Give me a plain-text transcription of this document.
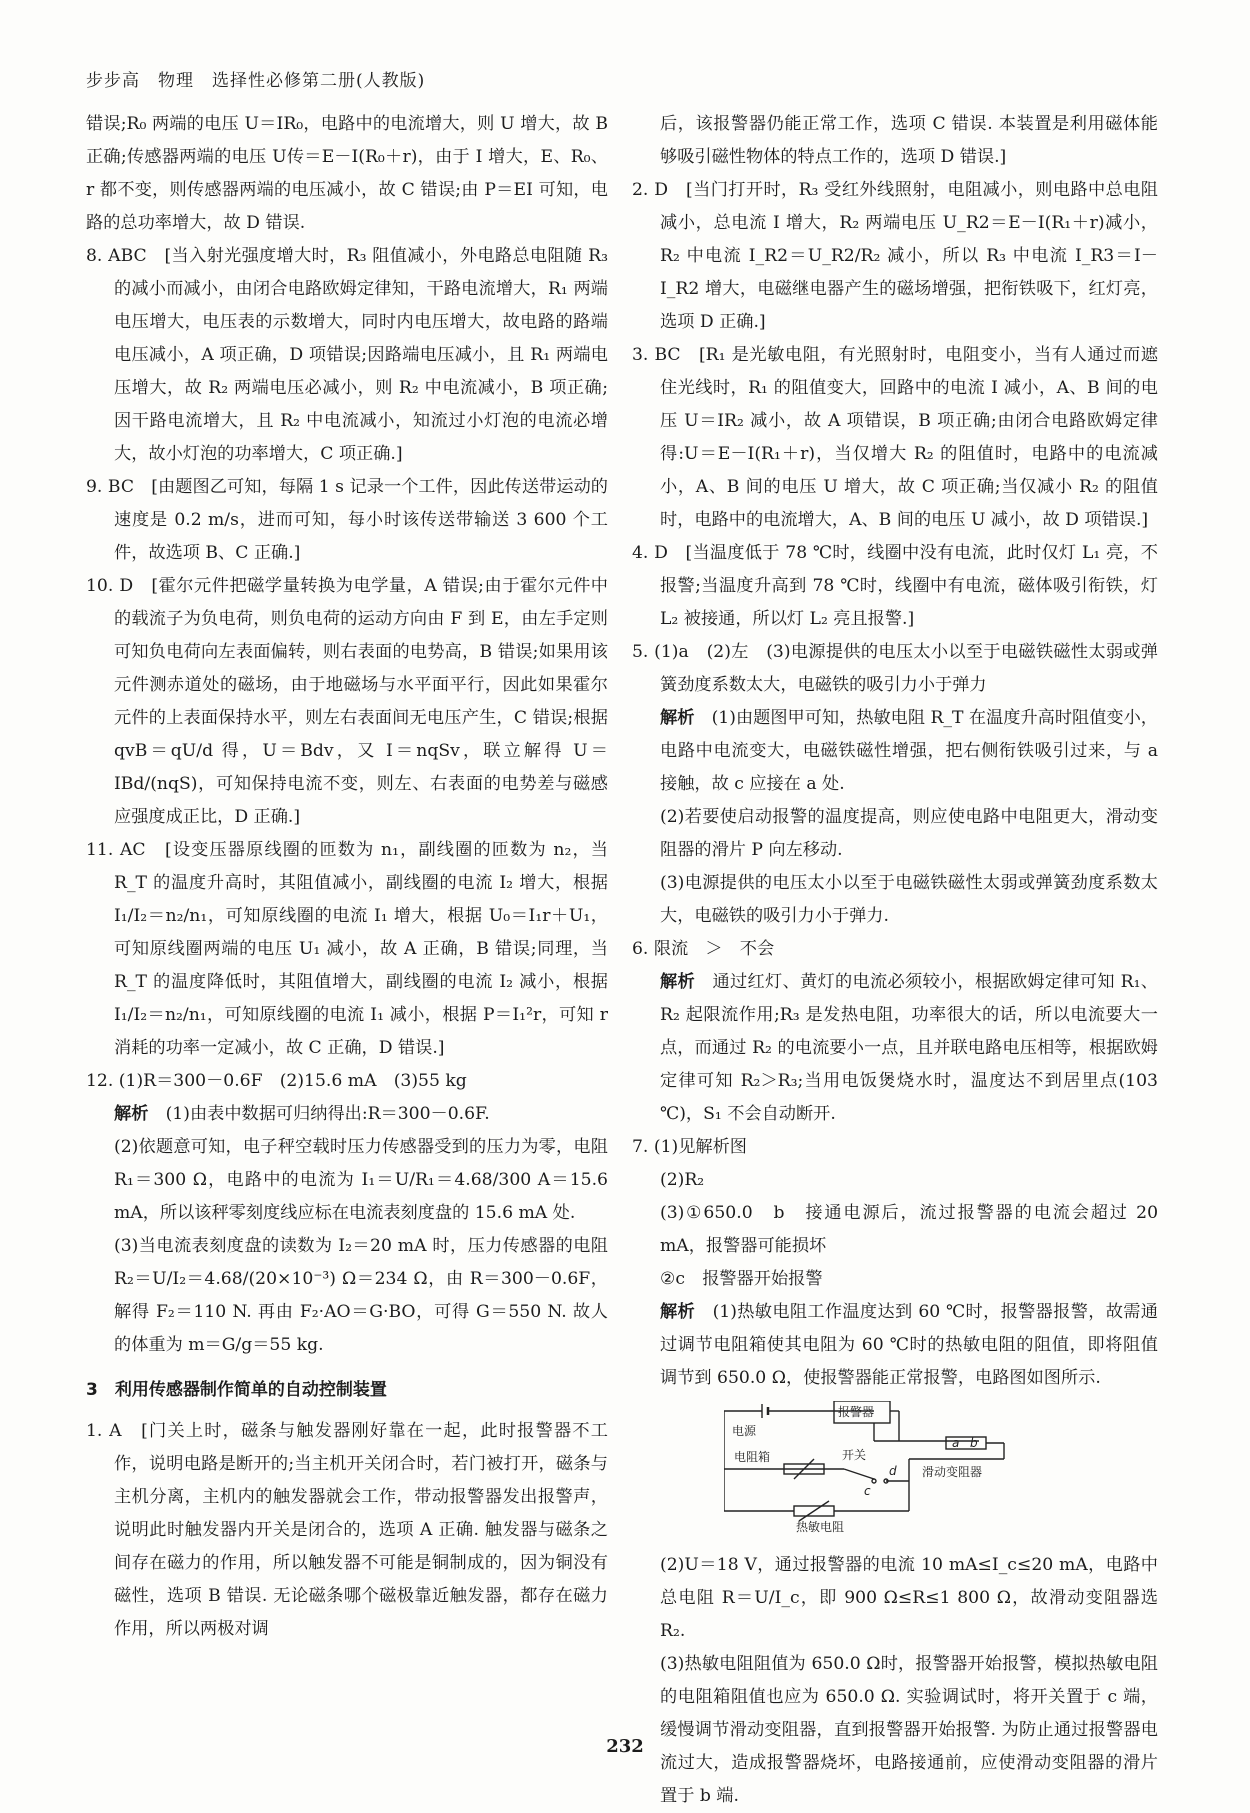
步步高　物理　选择性必修第二册(人教版)

错误;R₀ 两端的电压 U＝IR₀，电路中的电流增大，则 U 增大，故 B 正确;传感器两端的电压 U传＝E－I(R₀＋r)，由于 I 增大，E、R₀、r 都不变，则传感器两端的电压减小，故 C 错误;由 P＝EI 可知，电路的总功率增大，故 D 错误.

8. ABC　[当入射光强度增大时，R₃ 阻值减小，外电路总电阻随 R₃ 的减小而减小，由闭合电路欧姆定律知，干路电流增大，R₁ 两端电压增大，电压表的示数增大，同时内电压增大，故电路的路端电压减小，A 项正确，D 项错误;因路端电压减小，且 R₁ 两端电压增大，故 R₂ 两端电压必减小，则 R₂ 中电流减小，B 项正确;因干路电流增大，且 R₂ 中电流减小，知流过小灯泡的电流必增大，故小灯泡的功率增大，C 项正确.]

9. BC　[由题图乙可知，每隔 1 s 记录一个工件，因此传送带运动的速度是 0.2 m/s，进而可知，每小时该传送带输送 3 600 个工件，故选项 B、C 正确.]

10. D　[霍尔元件把磁学量转换为电学量，A 错误;由于霍尔元件中的载流子为负电荷，则负电荷的运动方向由 F 到 E，由左手定则可知负电荷向左表面偏转，则右表面的电势高，B 错误;如果用该元件测赤道处的磁场，由于地磁场与水平面平行，因此如果霍尔元件的上表面保持水平，则左右表面间无电压产生，C 错误;根据 qvB＝qU/d 得，U＝Bdv，又 I＝nqSv，联立解得 U＝IBd/(nqS)，可知保持电流不变，则左、右表面的电势差与磁感应强度成正比，D 正确.]

11. AC　[设变压器原线圈的匝数为 n₁，副线圈的匝数为 n₂，当 R_T 的温度升高时，其阻值减小，副线圈的电流 I₂ 增大，根据 I₁/I₂＝n₂/n₁，可知原线圈的电流 I₁ 增大，根据 U₀＝I₁r＋U₁，可知原线圈两端的电压 U₁ 减小，故 A 正确，B 错误;同理，当 R_T 的温度降低时，其阻值增大，副线圈的电流 I₂ 减小，根据 I₁/I₂＝n₂/n₁，可知原线圈的电流 I₁ 减小，根据 P＝I₁²r，可知 r 消耗的功率一定减小，故 C 正确，D 错误.]

12. (1)R＝300－0.6F　(2)15.6 mA　(3)55 kg

解析　 (1)由表中数据可归纳得出:R＝300－0.6F.

(2)依题意可知，电子秤空载时压力传感器受到的压力为零，电阻 R₁＝300 Ω，电路中的电流为 I₁＝U/R₁＝4.68/300 A＝15.6 mA，所以该秤零刻度线应标在电流表刻度盘的 15.6 mA 处.

(3)当电流表刻度盘的读数为 I₂＝20 mA 时，压力传感器的电阻 R₂＝U/I₂＝4.68/(20×10⁻³) Ω＝234 Ω，由 R＝300－0.6F，解得 F₂＝110 N. 再由 F₂·AO＝G·BO，可得 G＝550 N. 故人的体重为 m＝G/g＝55 kg.

3　利用传感器制作简单的自动控制装置

1. A　[门关上时，磁条与触发器刚好靠在一起，此时报警器不工作，说明电路是断开的;当主机开关闭合时，若门被打开，磁条与主机分离，主机内的触发器就会工作，带动报警器发出报警声，说明此时触发器内开关是闭合的，选项 A 正确. 触发器与磁条之间存在磁力的作用，所以触发器不可能是铜制成的，因为铜没有磁性，选项 B 错误. 无论磁条哪个磁极靠近触发器，都存在磁力作用，所以两极对调

后，该报警器仍能正常工作，选项 C 错误. 本装置是利用磁体能够吸引磁性物体的特点工作的，选项 D 错误.]

2. D　[当门打开时，R₃ 受红外线照射，电阻减小，则电路中总电阻减小，总电流 I 增大，R₂ 两端电压 U_R2＝E－I(R₁＋r)减小，R₂ 中电流 I_R2＝U_R2/R₂ 减小，所以 R₃ 中电流 I_R3＝I－I_R2 增大，电磁继电器产生的磁场增强，把衔铁吸下，红灯亮，选项 D 正确.]

3. BC　[R₁ 是光敏电阻，有光照射时，电阻变小，当有人通过而遮住光线时，R₁ 的阻值变大，回路中的电流 I 减小，A、B 间的电压 U＝IR₂ 减小，故 A 项错误，B 项正确;由闭合电路欧姆定律得:U＝E－I(R₁＋r)，当仅增大 R₂ 的阻值时，电路中的电流减小，A、B 间的电压 U 增大，故 C 项正确;当仅减小 R₂ 的阻值时，电路中的电流增大，A、B 间的电压 U 减小，故 D 项错误.]

4. D　[当温度低于 78 ℃时，线圈中没有电流，此时仅灯 L₁ 亮，不报警;当温度升高到 78 ℃时，线圈中有电流，磁体吸引衔铁，灯 L₂ 被接通，所以灯 L₂ 亮且报警.]

5. (1)a　(2)左　(3)电源提供的电压太小以至于电磁铁磁性太弱或弹簧劲度系数太大，电磁铁的吸引力小于弹力

解析　 (1)由题图甲可知，热敏电阻 R_T 在温度升高时阻值变小，电路中电流变大，电磁铁磁性增强，把右侧衔铁吸引过来，与 a 接触，故 c 应接在 a 处.

(2)若要使启动报警的温度提高，则应使电路中电阻更大，滑动变阻器的滑片 P 向左移动.

(3)电源提供的电压太小以至于电磁铁磁性太弱或弹簧劲度系数太大，电磁铁的吸引力小于弹力.

6. 限流　＞　不会

解析　 通过红灯、黄灯的电流必须较小，根据欧姆定律可知 R₁、R₂ 起限流作用;R₃ 是发热电阻，功率很大的话，所以电流要大一点，而通过 R₂ 的电流要小一点，且并联电路电压相等，根据欧姆定律可知 R₂＞R₃;当用电饭煲烧水时，温度达不到居里点(103 ℃)，S₁ 不会自动断开.

7. (1)见解析图

(2)R₂

(3)①650.0　b　接通电源后，流过报警器的电流会超过 20 mA，报警器可能损坏

②c　报警器开始报警

解析　 (1)热敏电阻工作温度达到 60 ℃时，报警器报警，故需通过调节电阻箱使其电阻为 60 ℃时的热敏电阻的阻值，即将阻值调节到 650.0 Ω，使报警器能正常报警，电路图如图所示.

电源
报警器
滑动变阻器
a b
电阻箱	开关
c
d
热敏电阻

(2)U＝18 V，通过报警器的电流 10 mA≤I_c≤20 mA，电路中总电阻 R＝U/I_c，即 900 Ω≤R≤1 800 Ω，故滑动变阻器选 R₂.

(3)热敏电阻阻值为 650.0 Ω时，报警器开始报警，模拟热敏电阻的电阻箱阻值也应为 650.0 Ω. 实验调试时，将开关置于 c 端，缓慢调节滑动变阻器，直到报警器开始报警. 为防止通过报警器电流过大，造成报警器烧坏，电路接通前，应使滑动变阻器的滑片置于 b 端.

232
